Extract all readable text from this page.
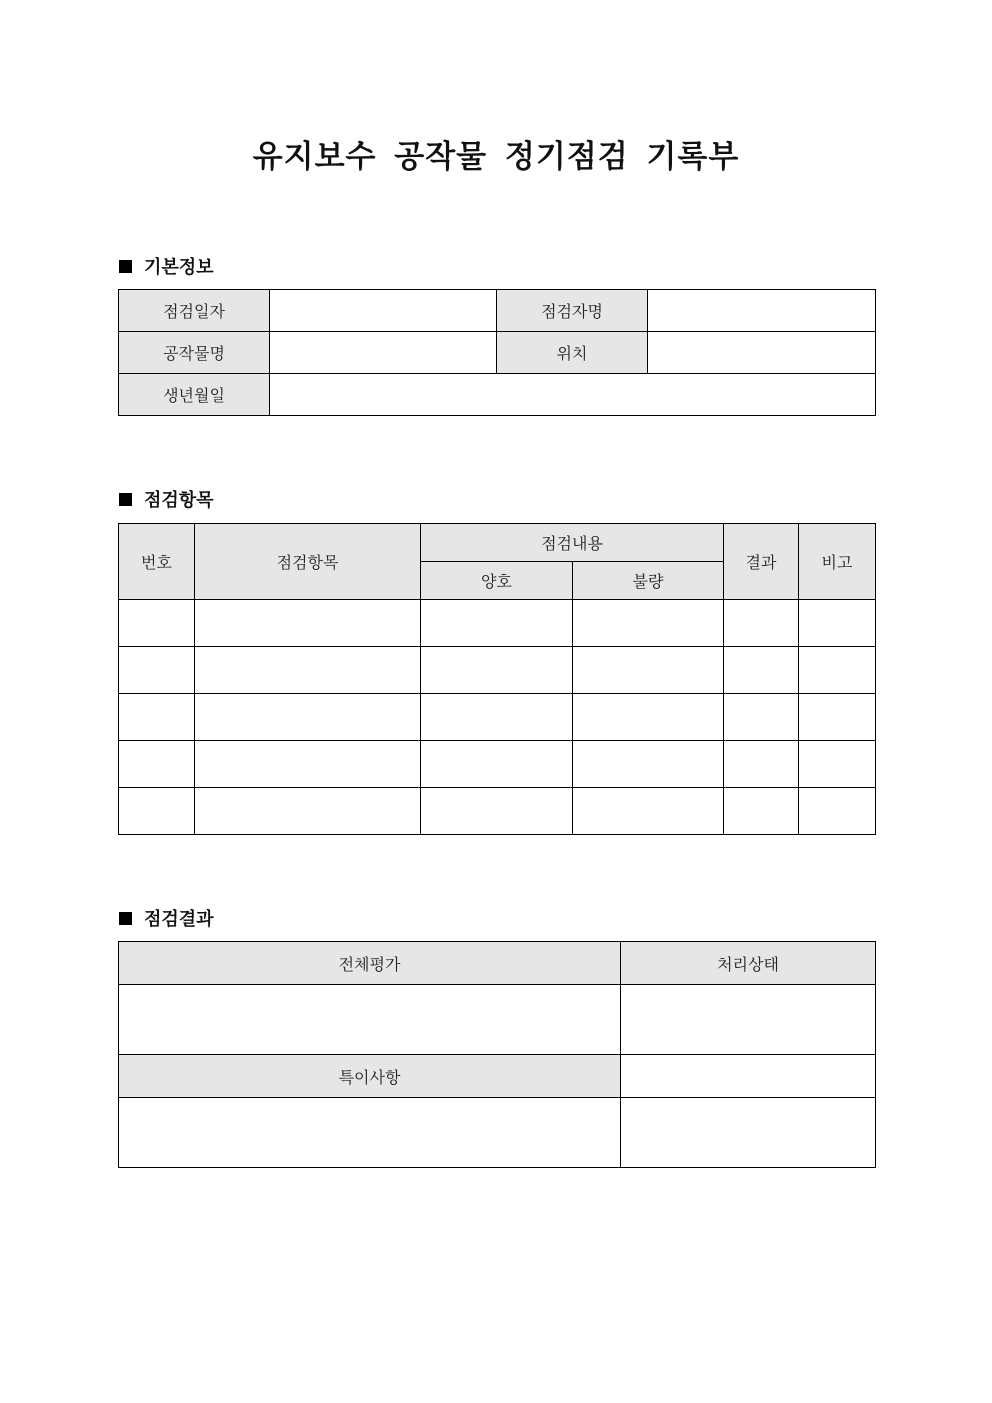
유지보수 공작물 정기점검 기록부
기본정보
점검일자		점검자명	
공작물명		위치	
생년월일			
점검항목
번호	점검항목	점검내용		결과	비고
		양호	불량		

점검결과
전체평가	처리상태

특이사항	
